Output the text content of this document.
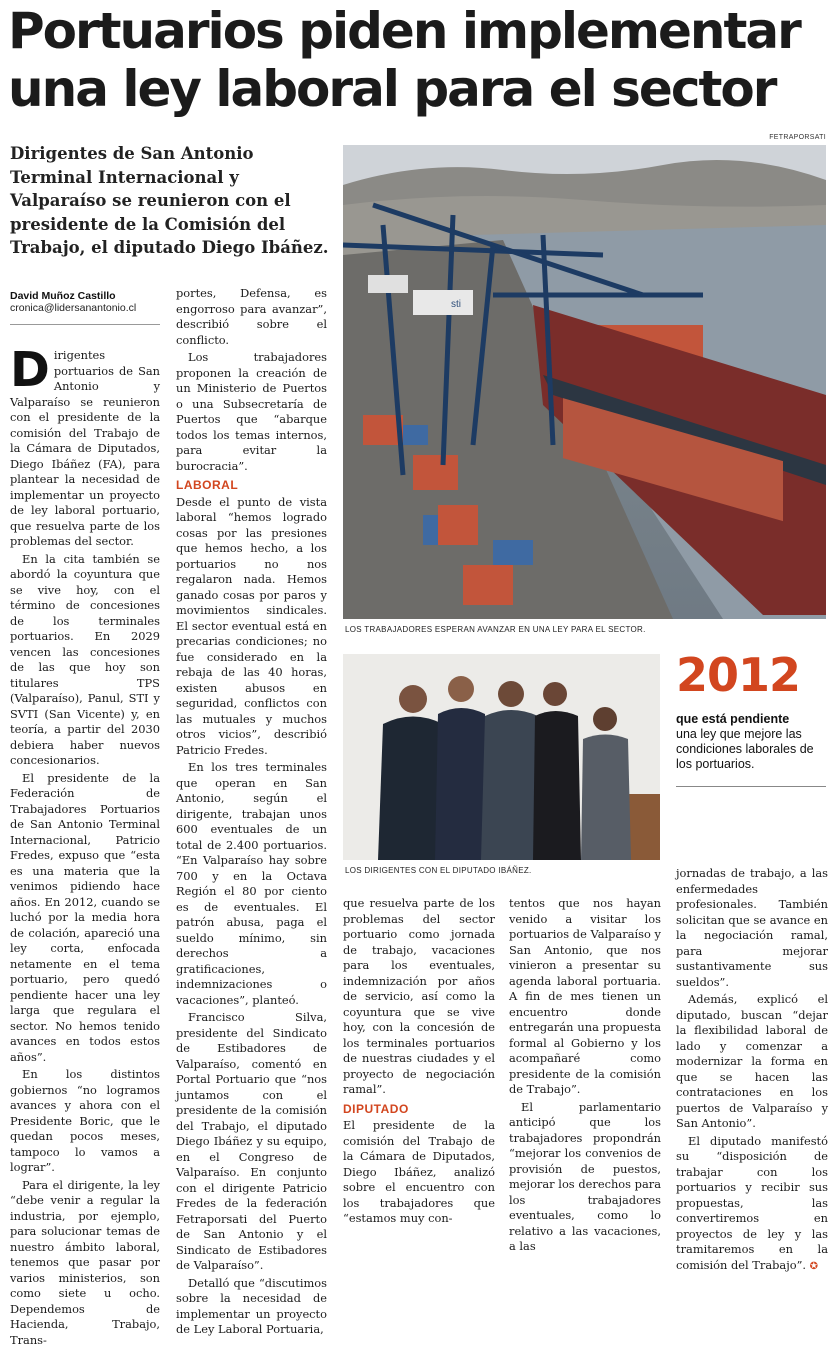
Portuarios piden implementar
una ley laboral para el sector
Dirigentes de San Antonio Terminal Internacional y Valparaíso se reunieron con el presidente de la Comisión del Trabajo, el diputado Diego Ibáñez.
FETRAPORSATI
David Muñoz Castillo
cronica@lidersanantonio.cl

Dirigentes portuarios de San Antonio y Valparaíso se reunieron con el presidente de la comisión del Trabajo de la Cámara de Diputados, Diego Ibáñez (FA), para plantear la necesidad de implementar un proyecto de ley laboral portuario, que resuelva parte de los problemas del sector.

En la cita también se abordó la coyuntura que se vive hoy, con el término de concesiones de los terminales portuarios. En 2029 vencen las concesiones de las que hoy son titulares TPS (Valparaíso), Panul, STI y SVTI (San Vicente) y, en teoría, a partir del 2030 debiera haber nuevos concesionarios.

El presidente de la Federación de Trabajadores Portuarios de San Antonio Terminal Internacional, Patricio Fredes, expuso que “esta es una materia que la venimos pidiendo hace años. En 2012, cuando se luchó por la media hora de colación, apareció una ley corta, enfocada netamente en el tema portuario, pero quedó pendiente hacer una ley larga que regulara el sector. No hemos tenido avances en todos estos años”.

En los distintos gobiernos “no logramos avances y ahora con el Presidente Boric, que le quedan pocos meses, tampoco lo vamos a lograr”.

Para el dirigente, la ley “debe venir a regular la industria, por ejemplo, para solucionar temas de nuestro ámbito laboral, tenemos que pasar por varios ministerios, son como siete u ocho. Dependemos de Hacienda, Trabajo, Trans-

portes, Defensa, es engorroso para avanzar”, describió sobre el conflicto.

Los trabajadores proponen la creación de un Ministerio de Puertos o una Subsecretaría de Puertos que “abarque todos los temas internos, para evitar la burocracia”.

LABORAL

Desde el punto de vista laboral “hemos logrado cosas por las presiones que hemos hecho, a los portuarios no nos regalaron nada. Hemos ganado cosas por paros y movimientos sindicales. El sector eventual está en precarias condiciones; no fue considerado en la rebaja de las 40 horas, existen abusos en seguridad, conflictos con las mutuales y muchos otros vicios”, describió Patricio Fredes.

En los tres terminales que operan en San Antonio, según el dirigente, trabajan unos 600 eventuales de un total de 2.400 portuarios. “En Valparaíso hay sobre 700 y en la Octava Región el 80 por ciento es de eventuales. El patrón abusa, paga el sueldo mínimo, sin derechos a gratificaciones, indemnizaciones o vacaciones”, planteó.

Francisco Silva, presidente del Sindicato de Estibadores de Valparaíso, comentó en Portal Portuario que “nos juntamos con el presidente de la comisión del Trabajo, el diputado Diego Ibáñez y su equipo, en el Congreso de Valparaíso. En conjunto con el dirigente Patricio Fredes de la federación Fetraporsati del Puerto de San Antonio y el Sindicato de Estibadores de Valparaíso”.

Detalló que “discutimos sobre la necesidad de implementar un proyecto de Ley Laboral Portuaria,

sti
LOS TRABAJADORES ESPERAN AVANZAR EN UNA LEY PARA EL SECTOR.
LOS DIRIGENTES CON EL DIPUTADO IBÁÑEZ.
2012
que está pendiente
una ley que mejore las condiciones laborales de los portuarios.

que resuelva parte de los problemas del sector portuario como jornada de trabajo, vacaciones para los eventuales, indemnización por años de servicio, así como la coyuntura que se vive hoy, con la concesión de los terminales portuarios de nuestras ciudades y el proyecto de negociación ramal”.

DIPUTADO

El presidente de la comisión del Trabajo de la Cámara de Diputados, Diego Ibáñez, analizó sobre el encuentro con los trabajadores que “estamos muy con-

tentos que nos hayan venido a visitar los portuarios de Valparaíso y San Antonio, que nos vinieron a presentar su agenda laboral portuaria. A fin de mes tienen un encuentro donde entregarán una propuesta formal al Gobierno y los acompañaré como presidente de la comisión de Trabajo”.

El parlamentario anticipó que los trabajadores propondrán “mejorar los convenios de provisión de puestos, mejorar los derechos para los trabajadores eventuales, como lo relativo a las vacaciones, a las

jornadas de trabajo, a las enfermedades profesionales. También solicitan que se avance en la negociación ramal, para mejorar sustantivamente sus sueldos”.

Además, explicó el diputado, buscan “dejar la flexibilidad laboral de lado y comenzar a modernizar la forma en que se hacen las contrataciones en los puertos de Valparaíso y San Antonio”.

El diputado manifestó su “disposición de trabajar con los portuarios y recibir sus propuestas, las convertiremos en proyectos de ley y las tramitaremos en la comisión del Trabajo”. ✪
